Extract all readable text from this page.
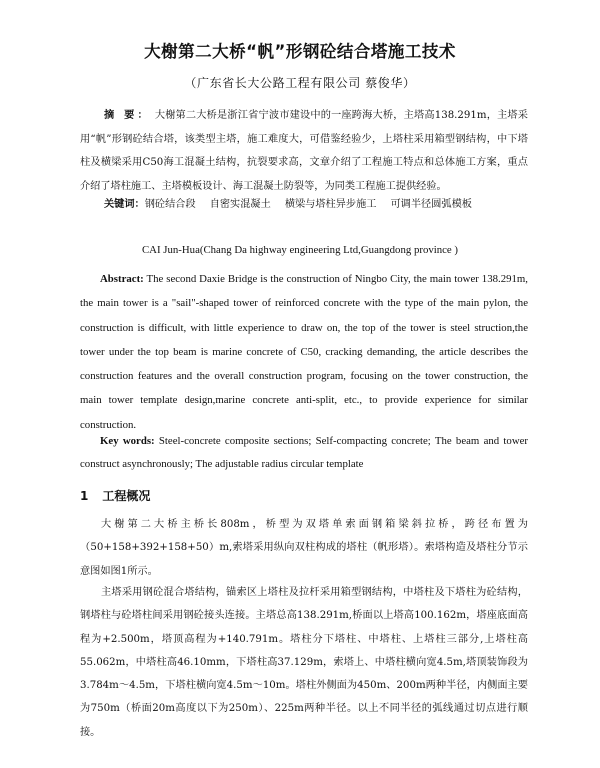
大榭第二大桥“帆”形钢砼结合塔施工技术
（广东省长大公路工程有限公司 蔡俊华）
摘 要： 大榭第二大桥是浙江省宁波市建设中的一座跨海大桥，主塔高138.291m，主塔采用“帆”形钢砼结合塔，该类型主塔，施工难度大，可借鉴经验少，上塔柱采用箱型钢结构，中下塔柱及横梁采用C50海工混凝土结构，抗裂要求高，文章介绍了工程施工特点和总体施工方案，重点介绍了塔柱施工、主塔模板设计、海工混凝土防裂等，为同类工程施工提供经验。
关键词：钢砼结合段 自密实混凝土 横梁与塔柱异步施工 可调半径圆弧模板
CAI Jun-Hua(Chang Da highway engineering Ltd,Guangdong province )
Abstract: The second Daxie Bridge is the construction of Ningbo City, the main tower 138.291m, the main tower is a "sail"-shaped tower of reinforced concrete with the type of the main pylon, the construction is difficult, with little experience to draw on, the top of the tower is steel struction,the tower under the top beam is marine concrete of C50, cracking demanding, the article describes the construction features and the overall construction program, focusing on the tower construction, the main tower template design,marine concrete anti-split, etc., to provide experience for similar construction.
Key words: Steel-concrete composite sections; Self-compacting concrete; The beam and tower construct asynchronously; The adjustable radius circular template
1 工程概况
大榭第二大桥主桥长808m，桥型为双塔单索面钢箱梁斜拉桥，跨径布置为（50+158+392+158+50）m,索塔采用纵向双柱构成的塔柱（帆形塔）。索塔构造及塔柱分节示意图如图1所示。
主塔采用钢砼混合塔结构，锚索区上塔柱及拉杆采用箱型钢结构，中塔柱及下塔柱为砼结构，钢塔柱与砼塔柱间采用钢砼接头连接。主塔总高138.291m,桥面以上塔高100.162m，塔座底面高程为+2.500m，塔顶高程为+140.791m。塔柱分下塔柱、中塔柱、上塔柱三部分,上塔柱高55.062m，中塔柱高46.10mm，下塔柱高37.129m，索塔上、中塔柱横向宽4.5m,塔顶装饰段为3.784m～4.5m，下塔柱横向宽4.5m～10m。塔柱外侧面为450m、200m两种半径，内侧面主要为750m（桥面20m高度以下为250m）、225m两种半径。以上不同半径的弧线通过切点进行顺接。
